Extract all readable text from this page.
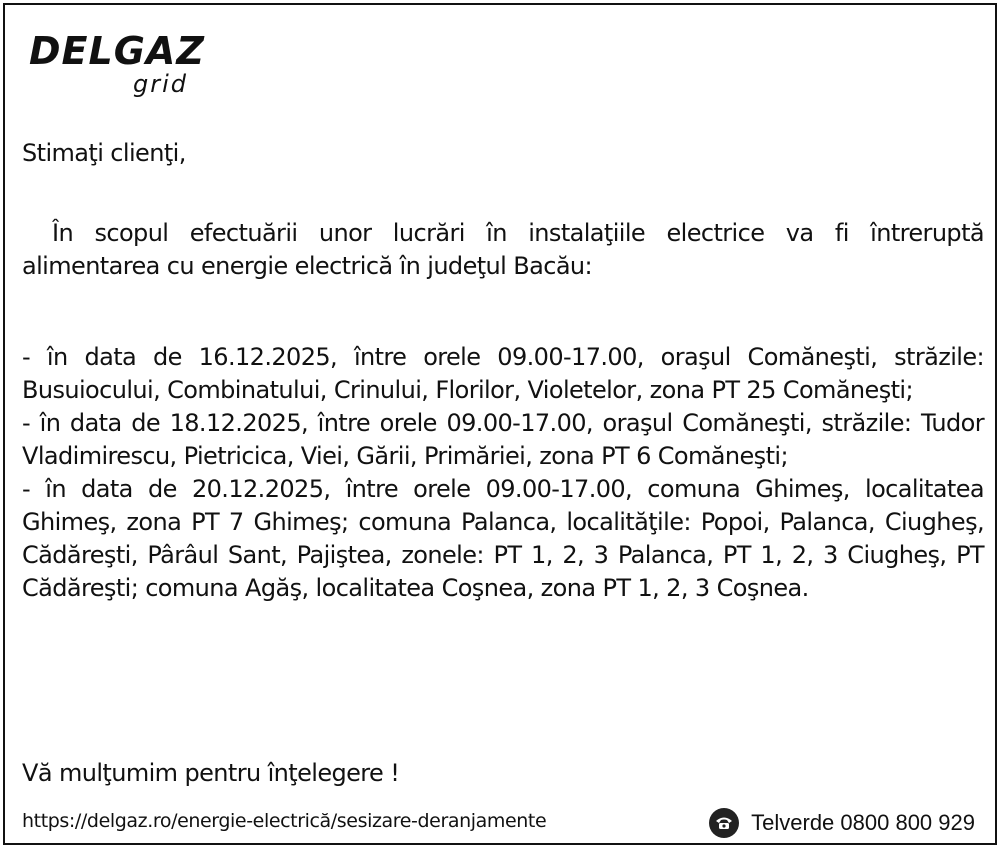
DELGAZ
grid
Stimaţi clienţi,
În scopul efectuării unor lucrări în instalaţiile electrice va fi întreruptă alimentarea cu energie electrică în judeţul Bacău:

- în data de 16.12.2025, între orele 09.00-17.00, oraşul Comăneşti, străzile: Busuiocului, Combinatului, Crinului, Florilor, Violetelor, zona PT 25 Comăneşti;

- în data de 18.12.2025, între orele 09.00-17.00, oraşul Comăneşti, străzile: Tudor Vladimirescu, Pietricica, Viei, Gării, Primăriei, zona PT 6 Comăneşti;

- în data de 20.12.2025, între orele 09.00-17.00, comuna Ghimeş, localitatea Ghimeş, zona PT 7 Ghimeş; comuna Palanca, localităţile: Popoi, Palanca, Ciugheş, Cădăreşti, Pârâul Sant, Pajiştea, zonele: PT 1, 2, 3 Palanca, PT 1, 2, 3 Ciugheş, PT Cădăreşti; comuna Agăş, localitatea Coşnea, zona PT 1, 2, 3 Coşnea.

Vă mulţumim pentru înţelegere !
https://delgaz.ro/energie-electrică/sesizare-deranjamente	Telverde 0800 800 929
